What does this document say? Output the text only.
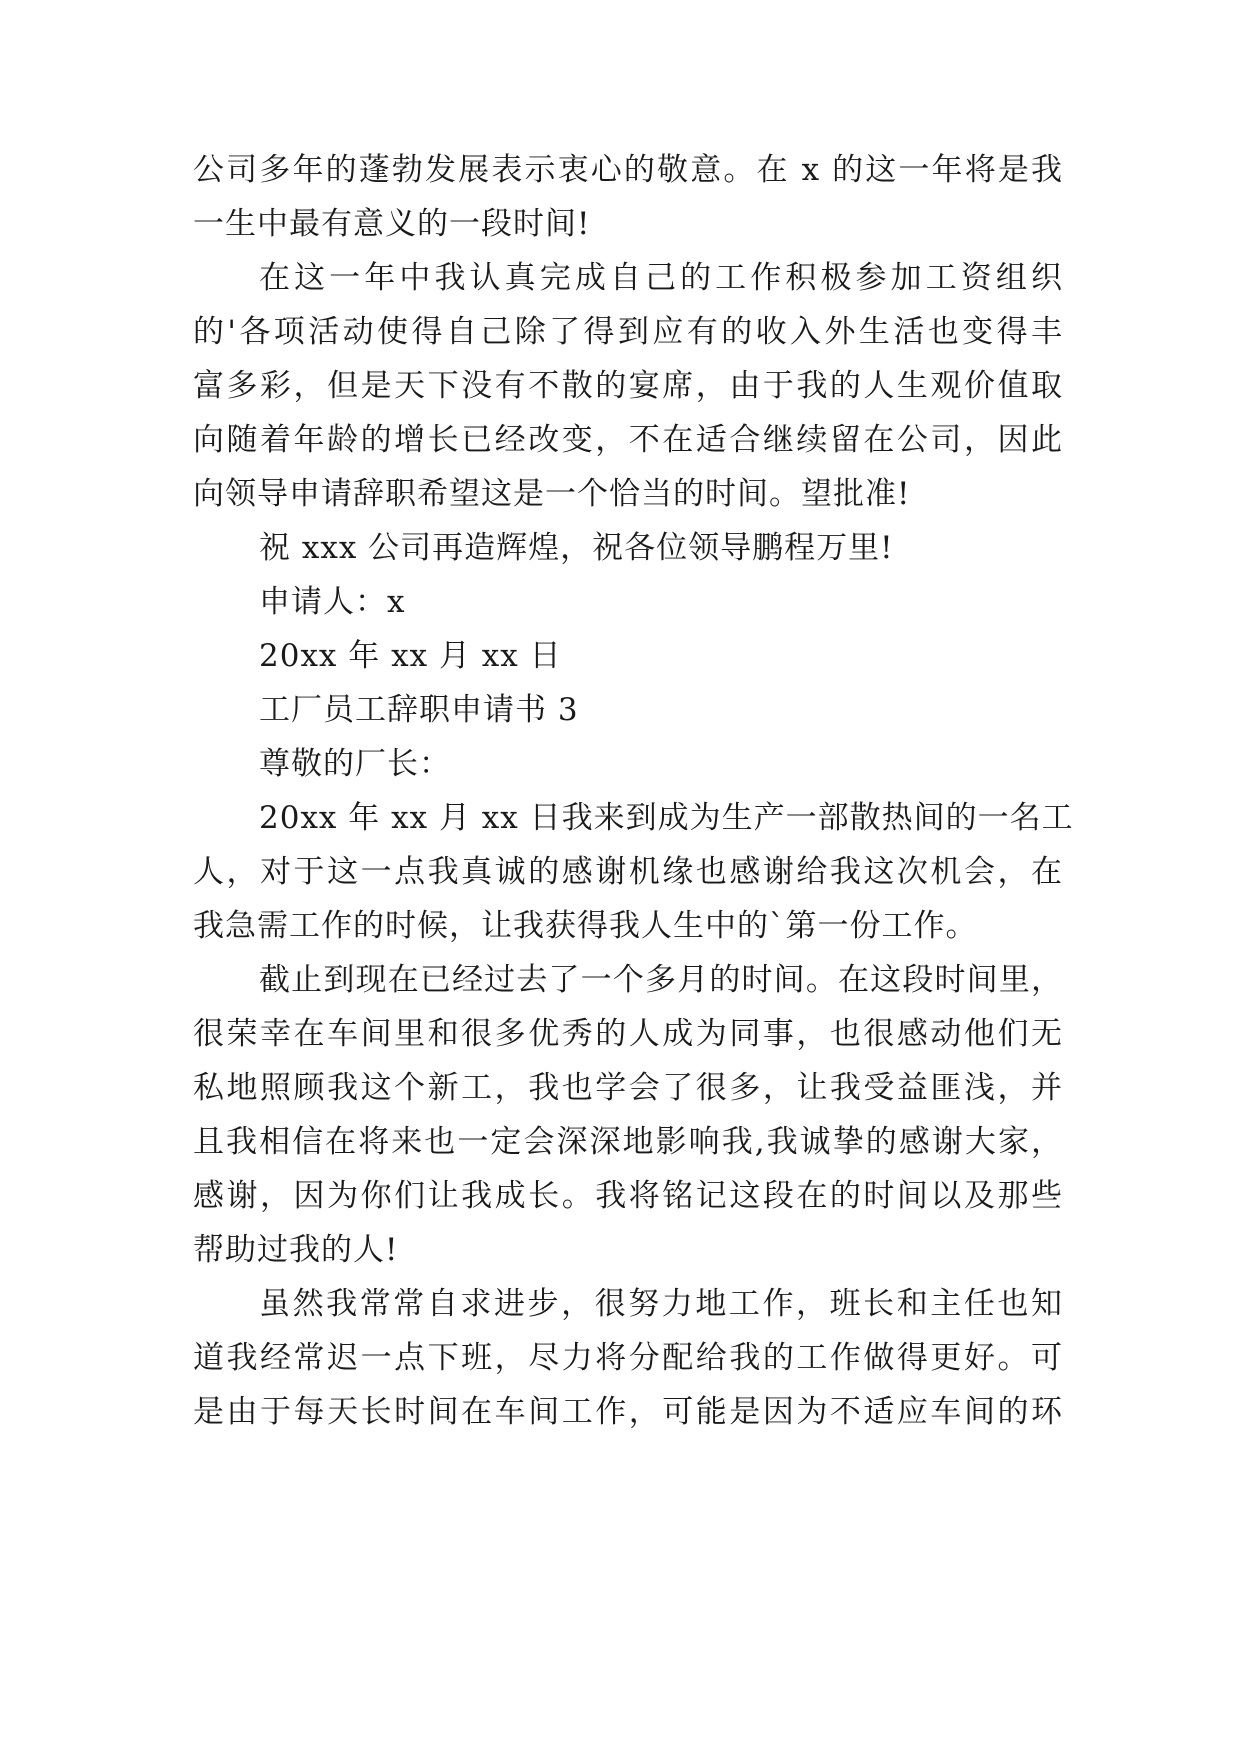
公司多年的蓬勃发展表示衷心的敬意。在 x 的这一年将是我
一生中最有意义的一段时间!
在这一年中我认真完成自己的工作积极参加工资组织
的'各项活动使得自己除了得到应有的收入外生活也变得丰
富多彩，但是天下没有不散的宴席，由于我的人生观价值取
向随着年龄的增长已经改变，不在适合继续留在公司，因此
向领导申请辞职希望这是一个恰当的时间。望批准!
祝 xxx 公司再造辉煌，祝各位领导鹏程万里!
申请人：x
20xx 年 xx 月 xx 日
工厂员工辞职申请书 3
尊敬的厂长：
20xx 年 xx 月 xx 日我来到成为生产一部散热间的一名工
人，对于这一点我真诚的感谢机缘也感谢给我这次机会，在
我急需工作的时候，让我获得我人生中的`第一份工作。
截止到现在已经过去了一个多月的时间。在这段时间里，
很荣幸在车间里和很多优秀的人成为同事，也很感动他们无
私地照顾我这个新工，我也学会了很多，让我受益匪浅，并
且我相信在将来也一定会深深地影响我,我诚挚的感谢大家，
感谢，因为你们让我成长。我将铭记这段在的时间以及那些
帮助过我的人!
虽然我常常自求进步，很努力地工作，班长和主任也知
道我经常迟一点下班，尽力将分配给我的工作做得更好。可
是由于每天长时间在车间工作，可能是因为不适应车间的环
